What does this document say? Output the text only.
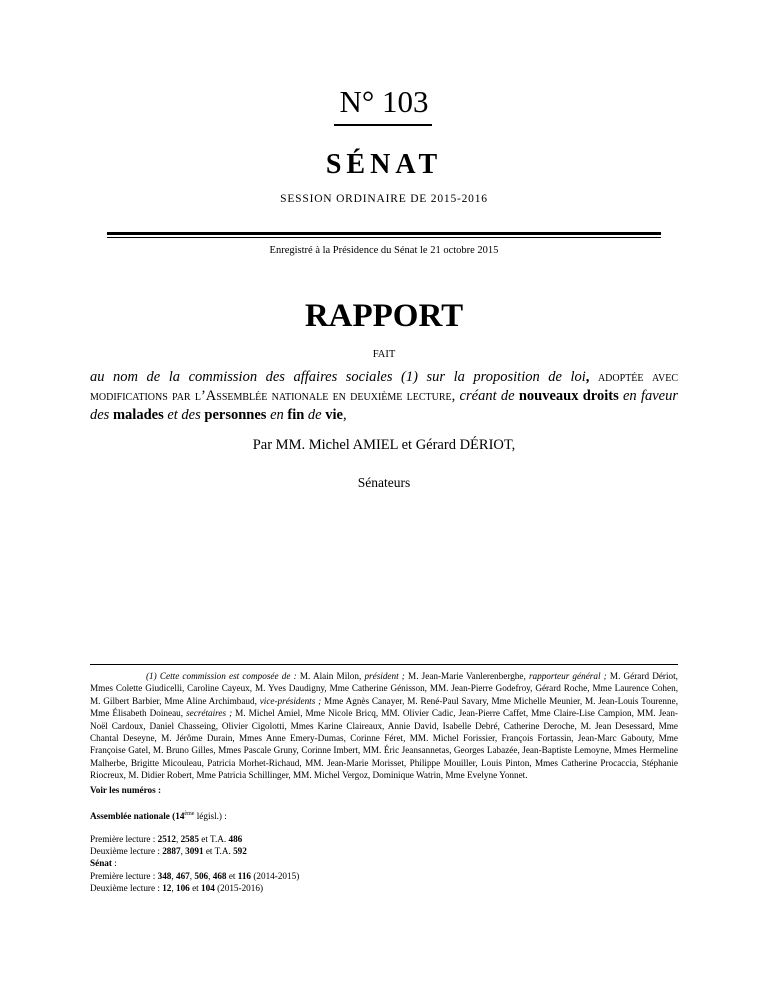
N° 103
SÉNAT
SESSION ORDINAIRE DE 2015-2016
Enregistré à la Présidence du Sénat le 21 octobre 2015
RAPPORT
FAIT
au nom de la commission des affaires sociales (1) sur la proposition de loi, adoptée avec modifications par l’Assemblée nationale en deuxième lecture, créant de nouveaux droits en faveur des malades et des personnes en fin de vie,
Par MM. Michel AMIEL et Gérard DÉRIOT,
Sénateurs
(1) Cette commission est composée de : M. Alain Milon, président ; M. Jean-Marie Vanlerenberghe, rapporteur général ; M. Gérard Dériot, Mmes Colette Giudicelli, Caroline Cayeux, M. Yves Daudigny, Mme Catherine Génisson, MM. Jean-Pierre Godefroy, Gérard Roche, Mme Laurence Cohen, M. Gilbert Barbier, Mme Aline Archimbaud, vice-présidents ; Mme Agnès Canayer, M. René-Paul Savary, Mme Michelle Meunier, M. Jean-Louis Tourenne, Mme Élisabeth Doineau, secrétaires ; M. Michel Amiel, Mme Nicole Bricq, MM. Olivier Cadic, Jean-Pierre Caffet, Mme Claire-Lise Campion, MM. Jean-Noël Cardoux, Daniel Chasseing, Olivier Cigolotti, Mmes Karine Claireaux, Annie David, Isabelle Debré, Catherine Deroche, M. Jean Desessard, Mme Chantal Deseyne, M. Jérôme Durain, Mmes Anne Emery-Dumas, Corinne Féret, MM. Michel Forissier, François Fortassin, Jean-Marc Gabouty, Mme Françoise Gatel, M. Bruno Gilles, Mmes Pascale Gruny, Corinne Imbert, MM. Éric Jeansannetas, Georges Labazée, Jean-Baptiste Lemoyne, Mmes Hermeline Malherbe, Brigitte Micouleau, Patricia Morhet-Richaud, MM. Jean-Marie Morisset, Philippe Mouiller, Louis Pinton, Mmes Catherine Procaccia, Stéphanie Riocreux, M. Didier Robert, Mme Patricia Schillinger, MM. Michel Vergoz, Dominique Watrin, Mme Evelyne Yonnet.
Voir les numéros :
Assemblée nationale (14ème législ.) :
Première lecture : 2512, 2585 et T.A. 486
Deuxième lecture : 2887, 3091 et T.A. 592
Sénat :
Première lecture : 348, 467, 506, 468 et 116 (2014-2015)
Deuxième lecture : 12, 106 et 104 (2015-2016)
